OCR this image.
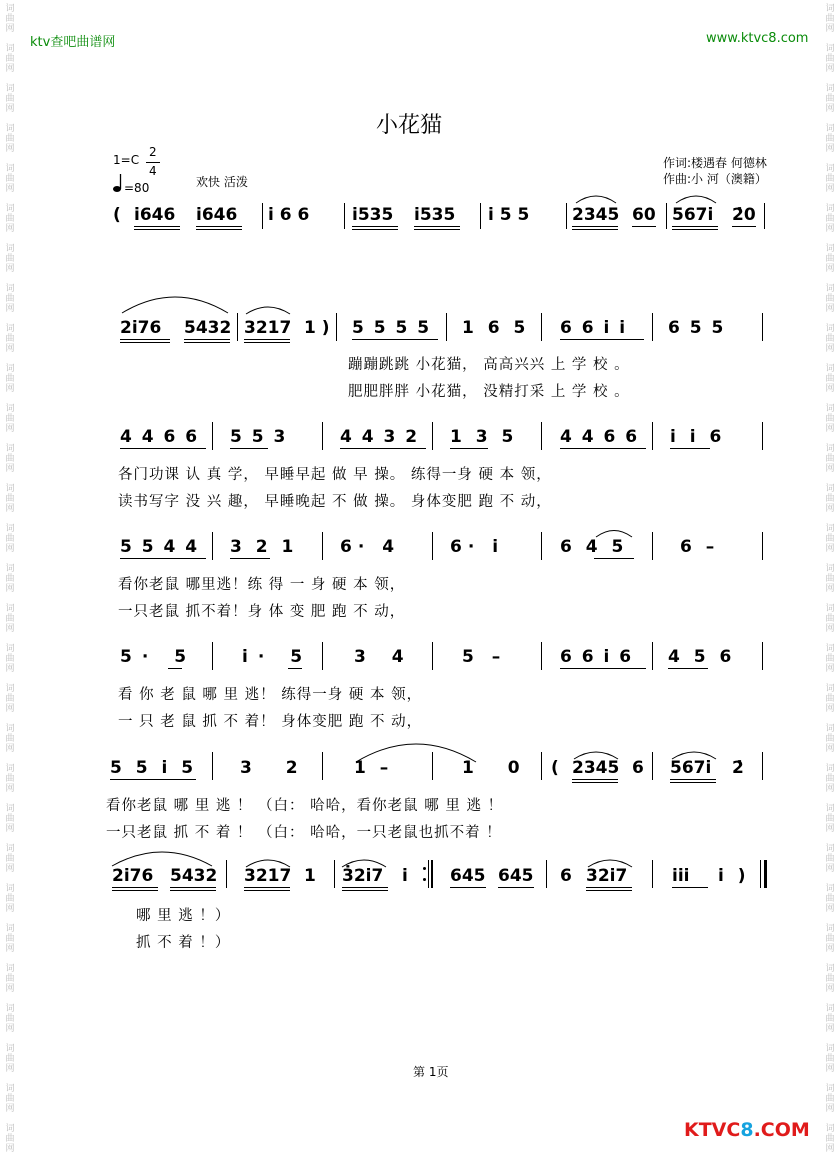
词
曲
网
词
曲
网
词
曲
网
词
曲
网
词
曲
网
词
曲
网
词
曲
网
词
曲
网
词
曲
网
词
曲
网
词
曲
网
词
曲
网
词
曲
网
词
曲
网
词
曲
网
词
曲
网
词
曲
网
词
曲
网
词
曲
网
词
曲
网
词
曲
网
词
曲
网
词
曲
网
词
曲
网
词
曲
网
词
曲
网
词
曲
网
词
曲
网
词
曲
网
词
曲
网
词
曲
网
词
曲
网
词
曲
网
词
曲
网
词
曲
网
词
曲
网
词
曲
网
词
曲
网
词
曲
网
词
曲
网
词
曲
网
词
曲
网
词
曲
网
词
曲
网
词
曲
网
词
曲
网
词
曲
网
词
曲
网
词
曲
网
词
曲
网
词
曲
网
词
曲
网
词
曲
网
词
曲
网
词
曲
网
词
曲
网
词
曲
网
词
曲
网
ktv查吧曲谱网	www.ktvc8.com
小花猫
1=C
2
4
=80	欢快 活泼
作词:楼遇春 何德林
作曲:小 河（澳籍）
( i646 i646 i 6 6	i535 i535 i 5 5	2345 60 567i 2̇0
2i76 5432 3217 1 ) 5 5 5 5 1 6 5 6 6 i i 6 5 5
蹦蹦跳跳 小花猫， 高高兴兴 上 学 校 。
肥肥胖胖 小花猫， 没精打采 上 学 校 。
4 4 6 6 5 5 3	4 4 3 2 1 3 5	4 4 6 6 i i 6
各门功课 认 真 学， 早睡早起 做 早 操。 练得一身 硬 本 领，
读书写字 没 兴 趣， 早睡晚起 不 做 操。 身体变肥 跑 不 动，
5 5 4 4 3 2 1	6· 4	6· i	6 4 5	6 –
看你老鼠 哪里逃！练 得 一 身 硬 本 领，
一只老鼠 抓不着！身 体 变 肥 跑 不 动，
5· 5	i· 5 3 4	5 –	6 6 i 6 4 5 6
看 你 老 鼠 哪 里 逃！ 练得一身 硬 本 领，
一 只 老 鼠 抓 不 着！ 身体变肥 跑 不 动，
5 5 i 5	3 2 1 –	1 0 ( 2345 6 567i 2̇
看你老鼠 哪 里 逃 ！ （白： 哈哈，看你老鼠 哪 里 逃 ！
一只老鼠 抓 不 着 ！ （白： 哈哈，一只老鼠也抓不着 ！
2i76 5432 3217 1 3̇2i7 i 645 645 6 32i7	iii i )
哪 里 逃 ！）
抓 不 着 ！）
第 1页
KTVC8.COM
